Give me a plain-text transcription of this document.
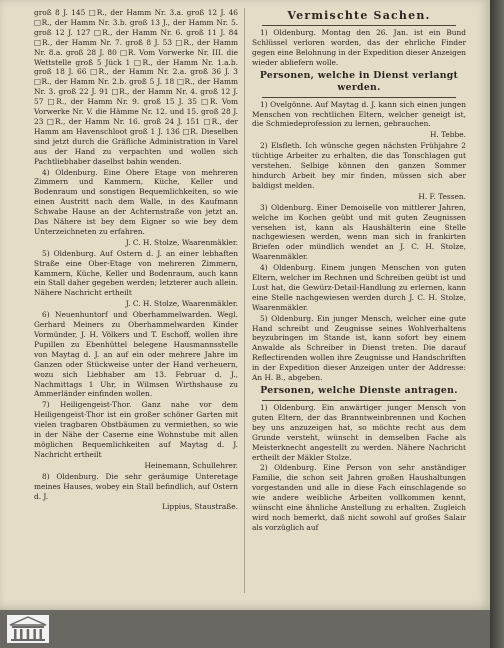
groß 8 J. 145 □R., der Hamm Nr. 3.a. groß 12 J. 46 □R., der Hamm Nr. 3.b. groß 13 J., der Hamm Nr. 5. groß 12 J. 127 □R., der Hamm Nr. 6. groß 11 J. 84 □R., der Hamm Nr. 7. groß 8 J. 53 □R., der Hamm Nr. 8.a. groß 28 J. 80 □R. Vom Vorwerke Nr. III. die Wettstelle groß 5 Jück 1 □R., der Hamm Nr. 1.a.b. groß 18 J. 66 □R., der Hamm Nr. 2.a. groß 36 J. 3 □R., der Hamm Nr. 2.b. groß 5 J. 18 □R., der Hamm Nr. 3. groß 22 J. 91 □R., der Hamm Nr. 4. groß 12 J. 57 □R., der Hamm Nr. 9. groß 15 J. 35 □R. Vom Vorwerke Nr. V. die Hämme Nr. 12. und 15. groß 28 J. 23 □R., der Hamm Nr. 16. groß 24 J. 151 □R., der Hamm am Havenschloot groß 1 J. 136 □R. Dieselben sind jetzt durch die Gräfliche Administration in Varel aus der Hand zu verpachten und wollen sich Pachtliebhaber daselbst bahin wenden.

4) Oldenburg. Eine Obere Etage von mehreren Zimmern und Kammern, Küche, Keller und Bodenraum und sonstigen Bequemlichkeiten, so wie einen Austritt nach dem Walle, in des Kaufmann Schwabe Hause an der Achternstraße von jetzt an. Das Nähere ist bey dem Eigner so wie bey dem Unterzeichneten zu erfahren.

J. C. H. Stolze, Waarenmäkler.

5) Oldenburg. Auf Ostern d. J. an einer lebhaften Straße eine Ober-Etage von mehreren Zimmern, Kammern, Küche, Keller und Bodenraum, auch kann ein Stall daher gegeben werden; letzterer auch allein. Nähere Nachricht ertheilt

J. C. H. Stolze, Waarenmäkler.

6) Neuenhuntorf und Oberhammelwarden. Wegl. Gerhard Meiners zu Oberhammelwarden Kinder Vormünder, J. H. Völkers und T. Eschoff, wollen ihre Pupillen zu Ebenhüttel belegene Hausmannsstelle von Maytag d. J. an auf ein oder mehrere Jahre im Ganzen oder Stückweise unter der Hand verheuern, wozu sich Liebhaber am 13. Februar d. J., Nachmittags 1 Uhr, in Wilmsen Wirthshause zu Ammerländer einfinden wollen.

7) Heiligengeist-Thor. Ganz nahe vor dem Heiligengeist-Thor ist ein großer schöner Garten mit vielen tragbaren Obstbäumen zu vermiethen, so wie in der Nähe der Caserne eine Wohnstube mit allen möglichen Bequemlichkeiten auf Maytag d. J. Nachricht ertheilt

Heinemann, Schullehrer.

8) Oldenburg. Die sehr geräumige Unteretage meines Hauses, wobey ein Stall befindlich, auf Ostern d. J.

Lippius, Staustraße.

Vermischte Sachen.

1) Oldenburg. Montag den 26. Jan. ist ein Bund Schlüssel verloren worden, das der ehrliche Finder gegen eine Belohnung in der Expedition dieser Anzeigen wieder abliefern wolle.

Personen, welche in Dienst verlangt werden.

1) Ovelgönne. Auf Maytag d. J. kann sich einen jungen Menschen von rechtlichen Eltern, welcher geneigt ist, die Schmiedeprofession zu lernen, gebrauchen.

H. Tebbe.

2) Elsfleth. Ich wünsche gegen nächsten Frühjahre 2 tüchtige Arbeiter zu erhalten, die das Tonschlagen gut verstehen. Selbige können den ganzen Sommer hindurch Arbeit bey mir finden, müssen sich aber baldigst melden.

H. F. Tessen.

3) Oldenburg. Einer Demoiselle von mittlerer Jahren, welche im Kochen geübt und mit guten Zeugnissen versehen ist, kann als Haushälterin eine Stelle nachgewiesen werden, wenn man sich in frankirten Briefen oder mündlich wendet an J. C. H. Stolze, Waarenmäkler.

4) Oldenburg. Einem jungen Menschen von guten Eltern, welcher im Rechnen und Schreiben geübt ist und Lust hat, die Gewürz-Detail-Handlung zu erlernen, kann eine Stelle nachgewiesen werden durch J. C. H. Stolze, Waarenmäkler.

5) Oldenburg. Ein junger Mensch, welcher eine gute Hand schreibt und Zeugnisse seines Wohlverhaltens beyzubringen im Stande ist, kann sofort bey einem Anwalde als Schreiber in Dienst treten. Die darauf Reflectirenden wollen ihre Zeugnisse und Handschriften in der Expedition dieser Anzeigen unter der Addresse: An H. B., abgeben.

Personen, welche Dienste antragen.

1) Oldenburg. Ein anwärtiger junger Mensch von guten Eltern, der das Branntweinbrennen und Kochen bey uns anzuzeigen hat, so möchte recht aus dem Grunde versteht, wünscht in demselben Fache als Meisterknecht angestellt zu werden. Nähere Nachricht ertheilt der Mäkler Stolze.

2) Oldenburg. Eine Person von sehr anständiger Familie, die schon seit Jahren großen Haushaltungen vorgestanden und alle in diese Fach einschlagende so wie andere weibliche Arbeiten vollkommen kennt, wünscht eine ähnliche Anstellung zu erhalten. Zugleich wird noch bemerkt, daß nicht sowohl auf großes Salair als vorzüglich auf
